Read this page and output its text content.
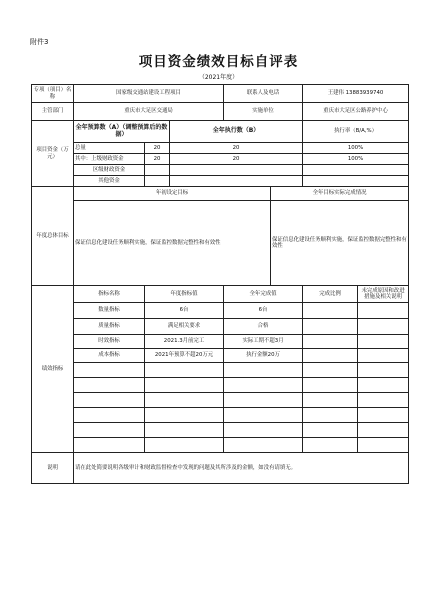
附件3
项目资金绩效目标自评表
（2021年度）
专项（项目）名称	国家级交通站建设工程项目			联系人及电话		王建伟 13883939740	
主管部门	重庆市大足区交通局			实施单位		重庆市大足区公路养护中心	
项目资金（万元）	全年预算数（A）（调整预算后的数据）		全年执行数（B）			执行率（B/A,%）	
	总量	20	20			100%	
	其中：上级财政资金	20	20			100%	
	区级财政资金						
	其他资金						
年度总体目标	年初设定目标				全年目标实际完成情况		
	保证信息化建设任务顺利实施，保证监控数据完整性和有效性				保证信息化建设任务顺利实施，保证监控数据完整性和有效性		
绩效指标	指标名称	年度指标值		全年完成值		完成比例	未完成原因和改进措施及相关说明
	数量指标	6台		6台			
	质量指标	满足相关要求		合格			
	时效指标	2021.3月前完工		实际工期不超3月			
	成本指标	2021年预算不超20万元		执行金额20万			

说明	请在此处简要说明各级审计和财政监督检查中发现的问题及其所涉及的金额，如没有请填无。						
